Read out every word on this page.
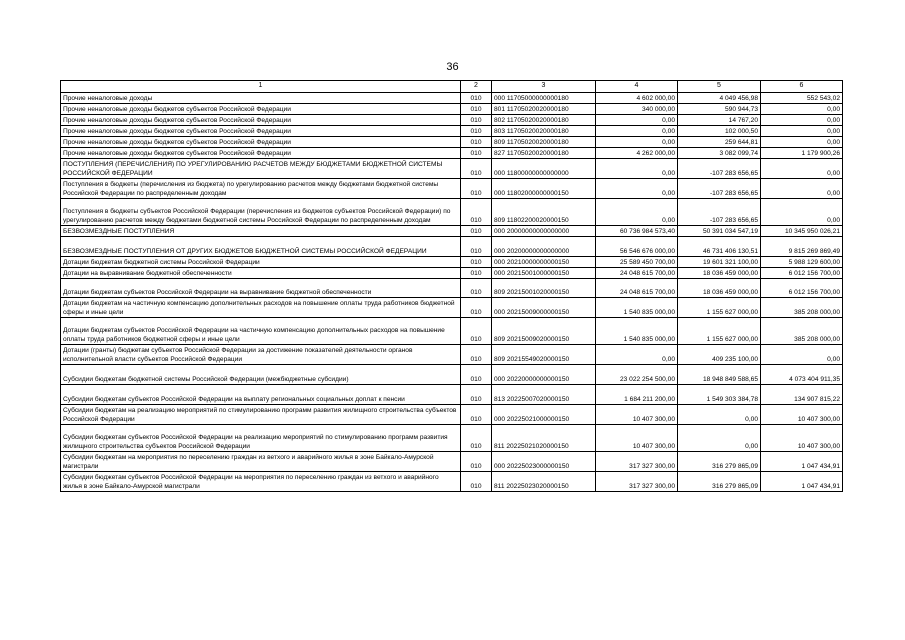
36
1	2	3	4	5	6
Прочие неналоговые доходы	010	000 11705000000000180	4 602 000,00	4 049 456,98	552 543,02
Прочие неналоговые доходы бюджетов субъектов Российской Федерации	010	801 11705020020000180	340 000,00	590 944,73	0,00
Прочие неналоговые доходы бюджетов субъектов Российской Федерации	010	802 11705020020000180	0,00	14 767,20	0,00
Прочие неналоговые доходы бюджетов субъектов Российской Федерации	010	803 11705020020000180	0,00	102 000,50	0,00
Прочие неналоговые доходы бюджетов субъектов Российской Федерации	010	809 11705020020000180	0,00	259 644,81	0,00
Прочие неналоговые доходы бюджетов субъектов Российской Федерации	010	827 11705020020000180	4 262 000,00	3 082 099,74	1 179 900,26
ПОСТУПЛЕНИЯ (ПЕРЕЧИСЛЕНИЯ) ПО УРЕГУЛИРОВАНИЮ РАСЧЕТОВ МЕЖДУ БЮДЖЕТАМИ БЮДЖЕТНОЙ СИСТЕМЫ РОССИЙСКОЙ ФЕДЕРАЦИИ	010	000 11800000000000000	0,00	-107 283 656,65	0,00
Поступления в бюджеты (перечисления из бюджета) по урегулированию расчетов между бюджетами бюджетной системы Российской Федерации по распределенным доходам	010	000 11802000000000150	0,00	-107 283 656,65	0,00
Поступления в бюджеты субъектов Российской Федерации (перечисления из бюджетов субъектов Российской Федерации) по урегулированию расчетов между бюджетами бюджетной системы Российской Федерации по распределенным доходам	010	809 11802200020000150	0,00	-107 283 656,65	0,00
БЕЗВОЗМЕЗДНЫЕ ПОСТУПЛЕНИЯ	010	000 20000000000000000	60 736 984 573,40	50 391 034 547,19	10 345 950 026,21
БЕЗВОЗМЕЗДНЫЕ ПОСТУПЛЕНИЯ ОТ ДРУГИХ БЮДЖЕТОВ БЮДЖЕТНОЙ СИСТЕМЫ РОССИЙСКОЙ ФЕДЕРАЦИИ	010	000 20200000000000000	56 546 676 000,00	46 731 406 130,51	9 815 269 869,49
Дотации бюджетам бюджетной системы Российской Федерации	010	000 20210000000000150	25 589 450 700,00	19 601 321 100,00	5 988 129 600,00
Дотации на выравнивание бюджетной обеспеченности	010	000 20215001000000150	24 048 615 700,00	18 036 459 000,00	6 012 156 700,00
Дотации бюджетам субъектов Российской Федерации на выравнивание бюджетной обеспеченности	010	809 20215001020000150	24 048 615 700,00	18 036 459 000,00	6 012 156 700,00
Дотации бюджетам на частичную компенсацию дополнительных расходов на повышение оплаты труда работников бюджетной сферы и иные цели	010	000 20215009000000150	1 540 835 000,00	1 155 627 000,00	385 208 000,00
Дотации бюджетам субъектов Российской Федерации на частичную компенсацию дополнительных расходов на повышение оплаты труда работников бюджетной сферы и иные цели	010	809 20215009020000150	1 540 835 000,00	1 155 627 000,00	385 208 000,00
Дотации (гранты) бюджетам субъектов Российской Федерации за достижение показателей деятельности органов исполнительной власти субъектов Российской Федерации	010	809 20215549020000150	0,00	409 235 100,00	0,00
Субсидии бюджетам бюджетной системы Российской Федерации (межбюджетные субсидии)	010	000 20220000000000150	23 022 254 500,00	18 948 849 588,65	4 073 404 911,35
Субсидии бюджетам субъектов Российской Федерации на выплату региональных социальных доплат к пенсии	010	813 20225007020000150	1 684 211 200,00	1 549 303 384,78	134 907 815,22
Субсидии бюджетам на реализацию мероприятий по стимулированию программ развития жилищного строительства субъектов Российской Федерации	010	000 20225021000000150	10 407 300,00	0,00	10 407 300,00
Субсидии бюджетам субъектов Российской Федерации на реализацию мероприятий по стимулированию программ развития жилищного строительства субъектов Российской Федерации	010	811 20225021020000150	10 407 300,00	0,00	10 407 300,00
Субсидии бюджетам на мероприятия по переселению граждан из ветхого и аварийного жилья в зоне Байкало-Амурской магистрали	010	000 20225023000000150	317 327 300,00	316 279 865,09	1 047 434,91
Субсидии бюджетам субъектов Российской Федерации на мероприятия по переселению граждан из ветхого и аварийного жилья в зоне Байкало-Амурской магистрали	010	811 20225023020000150	317 327 300,00	316 279 865,09	1 047 434,91
